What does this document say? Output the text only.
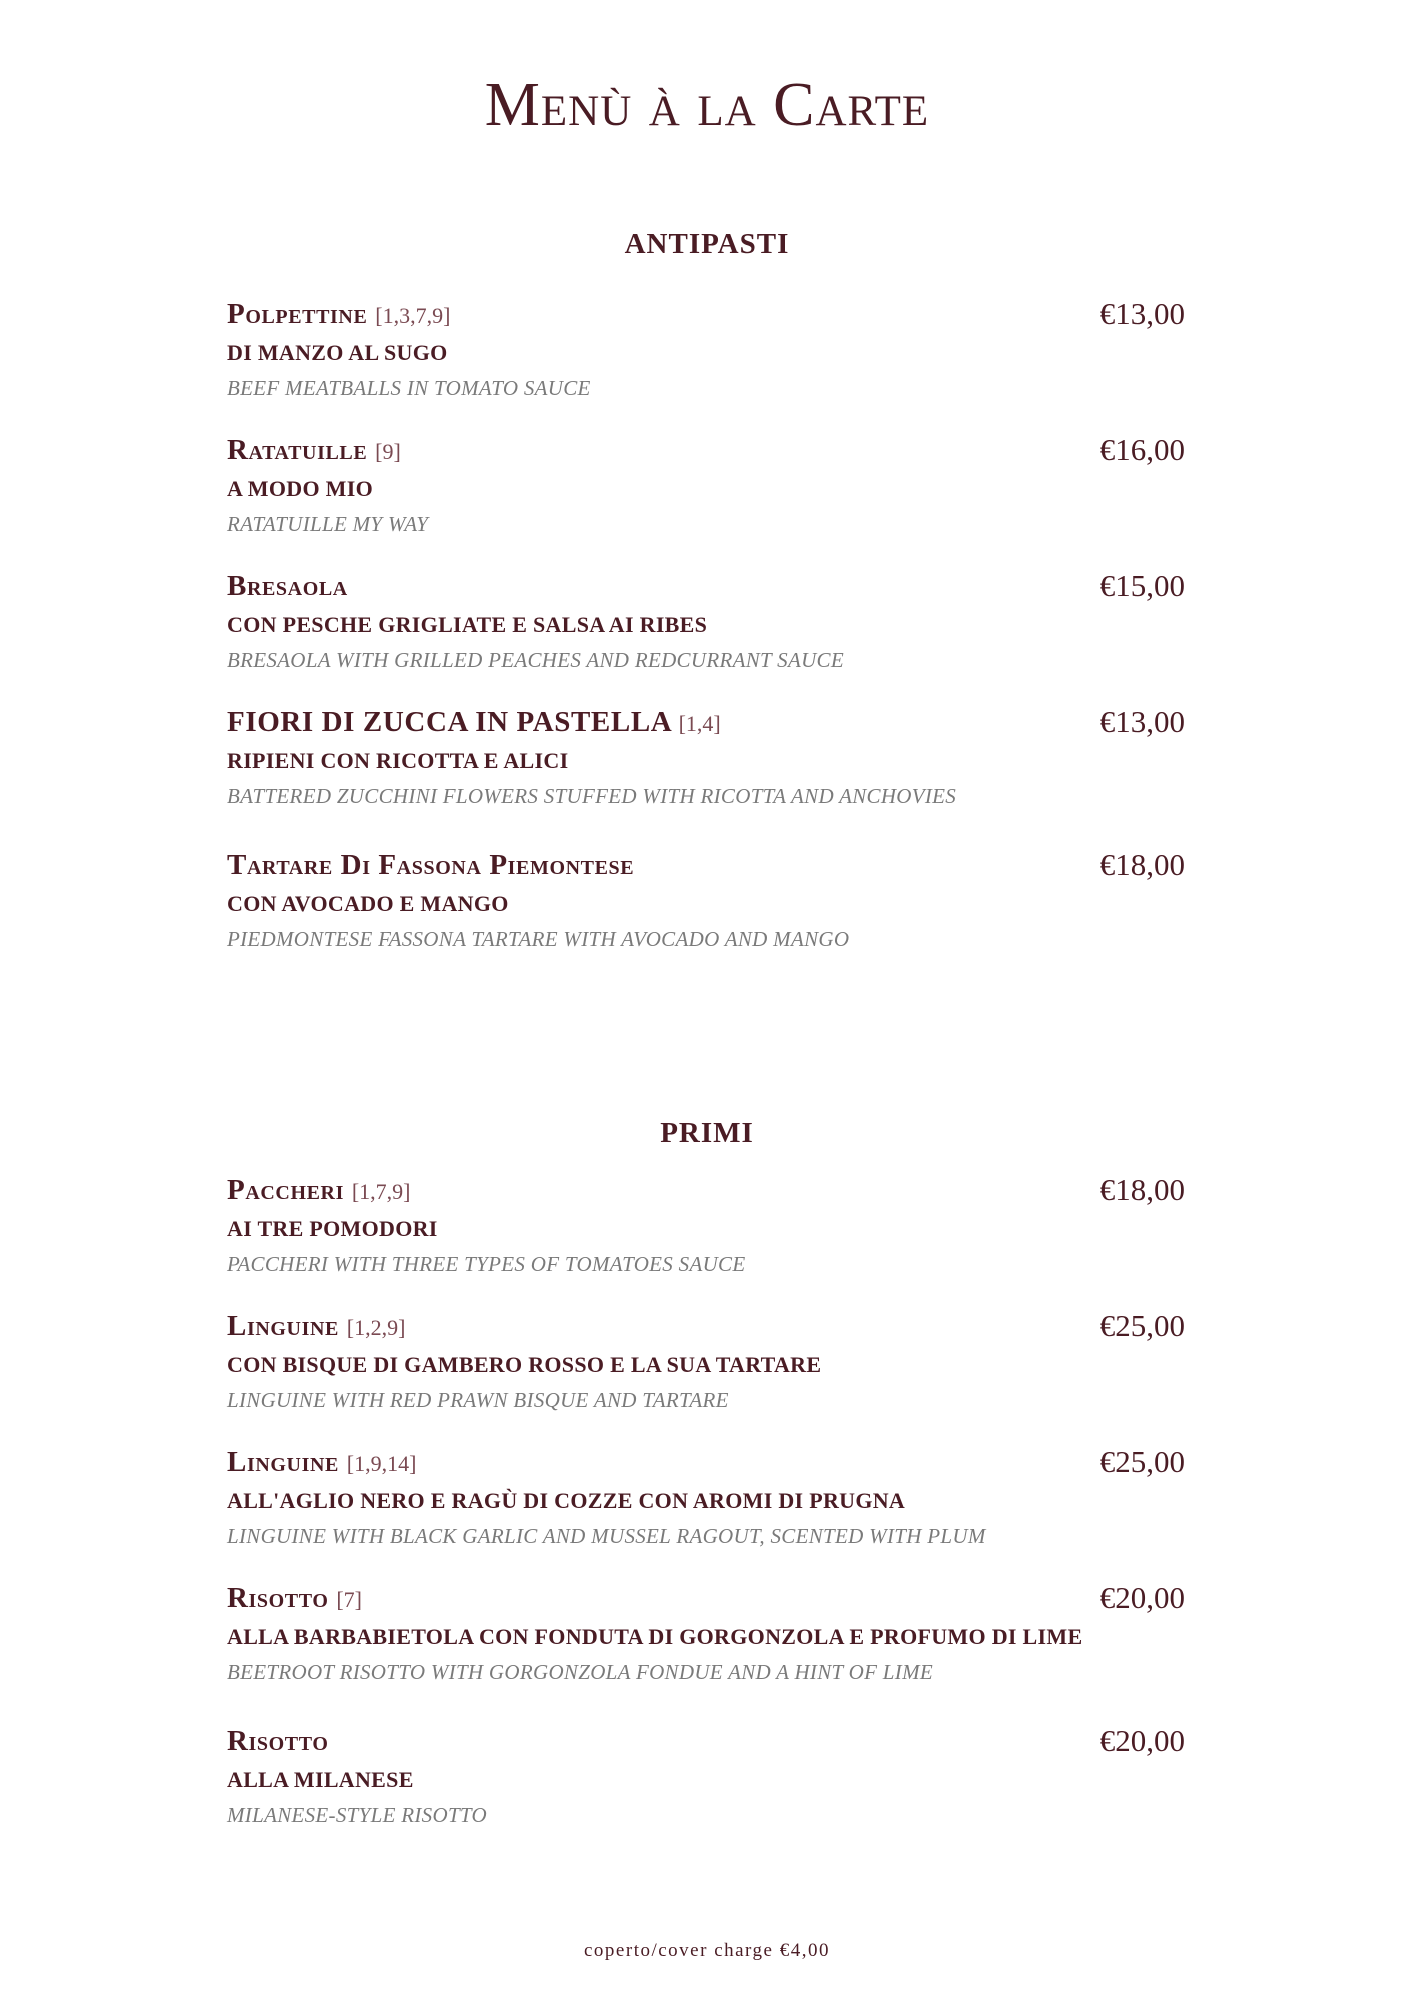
Menù à la Carte
ANTIPASTI
Polpettine [1,3,7,9]	€13,00
DI MANZO AL SUGO
BEEF MEATBALLS IN TOMATO SAUCE
Ratatuille [9]	€16,00
A MODO MIO
RATATUILLE MY WAY
Bresaola	€15,00
CON PESCHE GRIGLIATE E SALSA AI RIBES
BRESAOLA WITH GRILLED PEACHES AND REDCURRANT SAUCE
FIORI DI ZUCCA IN PASTELLA [1,4]	€13,00
RIPIENI CON RICOTTA E ALICI
BATTERED ZUCCHINI FLOWERS STUFFED WITH RICOTTA AND ANCHOVIES
Tartare Di Fassona Piemontese	€18,00
CON AVOCADO E MANGO
PIEDMONTESE FASSONA TARTARE WITH AVOCADO AND MANGO
PRIMI
Paccheri [1,7,9]	€18,00
AI TRE POMODORI
PACCHERI WITH THREE TYPES OF TOMATOES SAUCE
Linguine [1,2,9]	€25,00
CON BISQUE DI GAMBERO ROSSO E LA SUA TARTARE
LINGUINE WITH RED PRAWN BISQUE AND TARTARE
Linguine [1,9,14]	€25,00
ALL'AGLIO NERO E RAGÙ DI COZZE CON AROMI DI PRUGNA
LINGUINE WITH BLACK GARLIC AND MUSSEL RAGOUT, SCENTED WITH PLUM
Risotto [7]	€20,00
ALLA BARBABIETOLA CON FONDUTA DI GORGONZOLA E PROFUMO DI LIME
BEETROOT RISOTTO WITH GORGONZOLA FONDUE AND A HINT OF LIME
Risotto	€20,00
ALLA MILANESE
MILANESE-STYLE RISOTTO
coperto/cover charge €4,00
